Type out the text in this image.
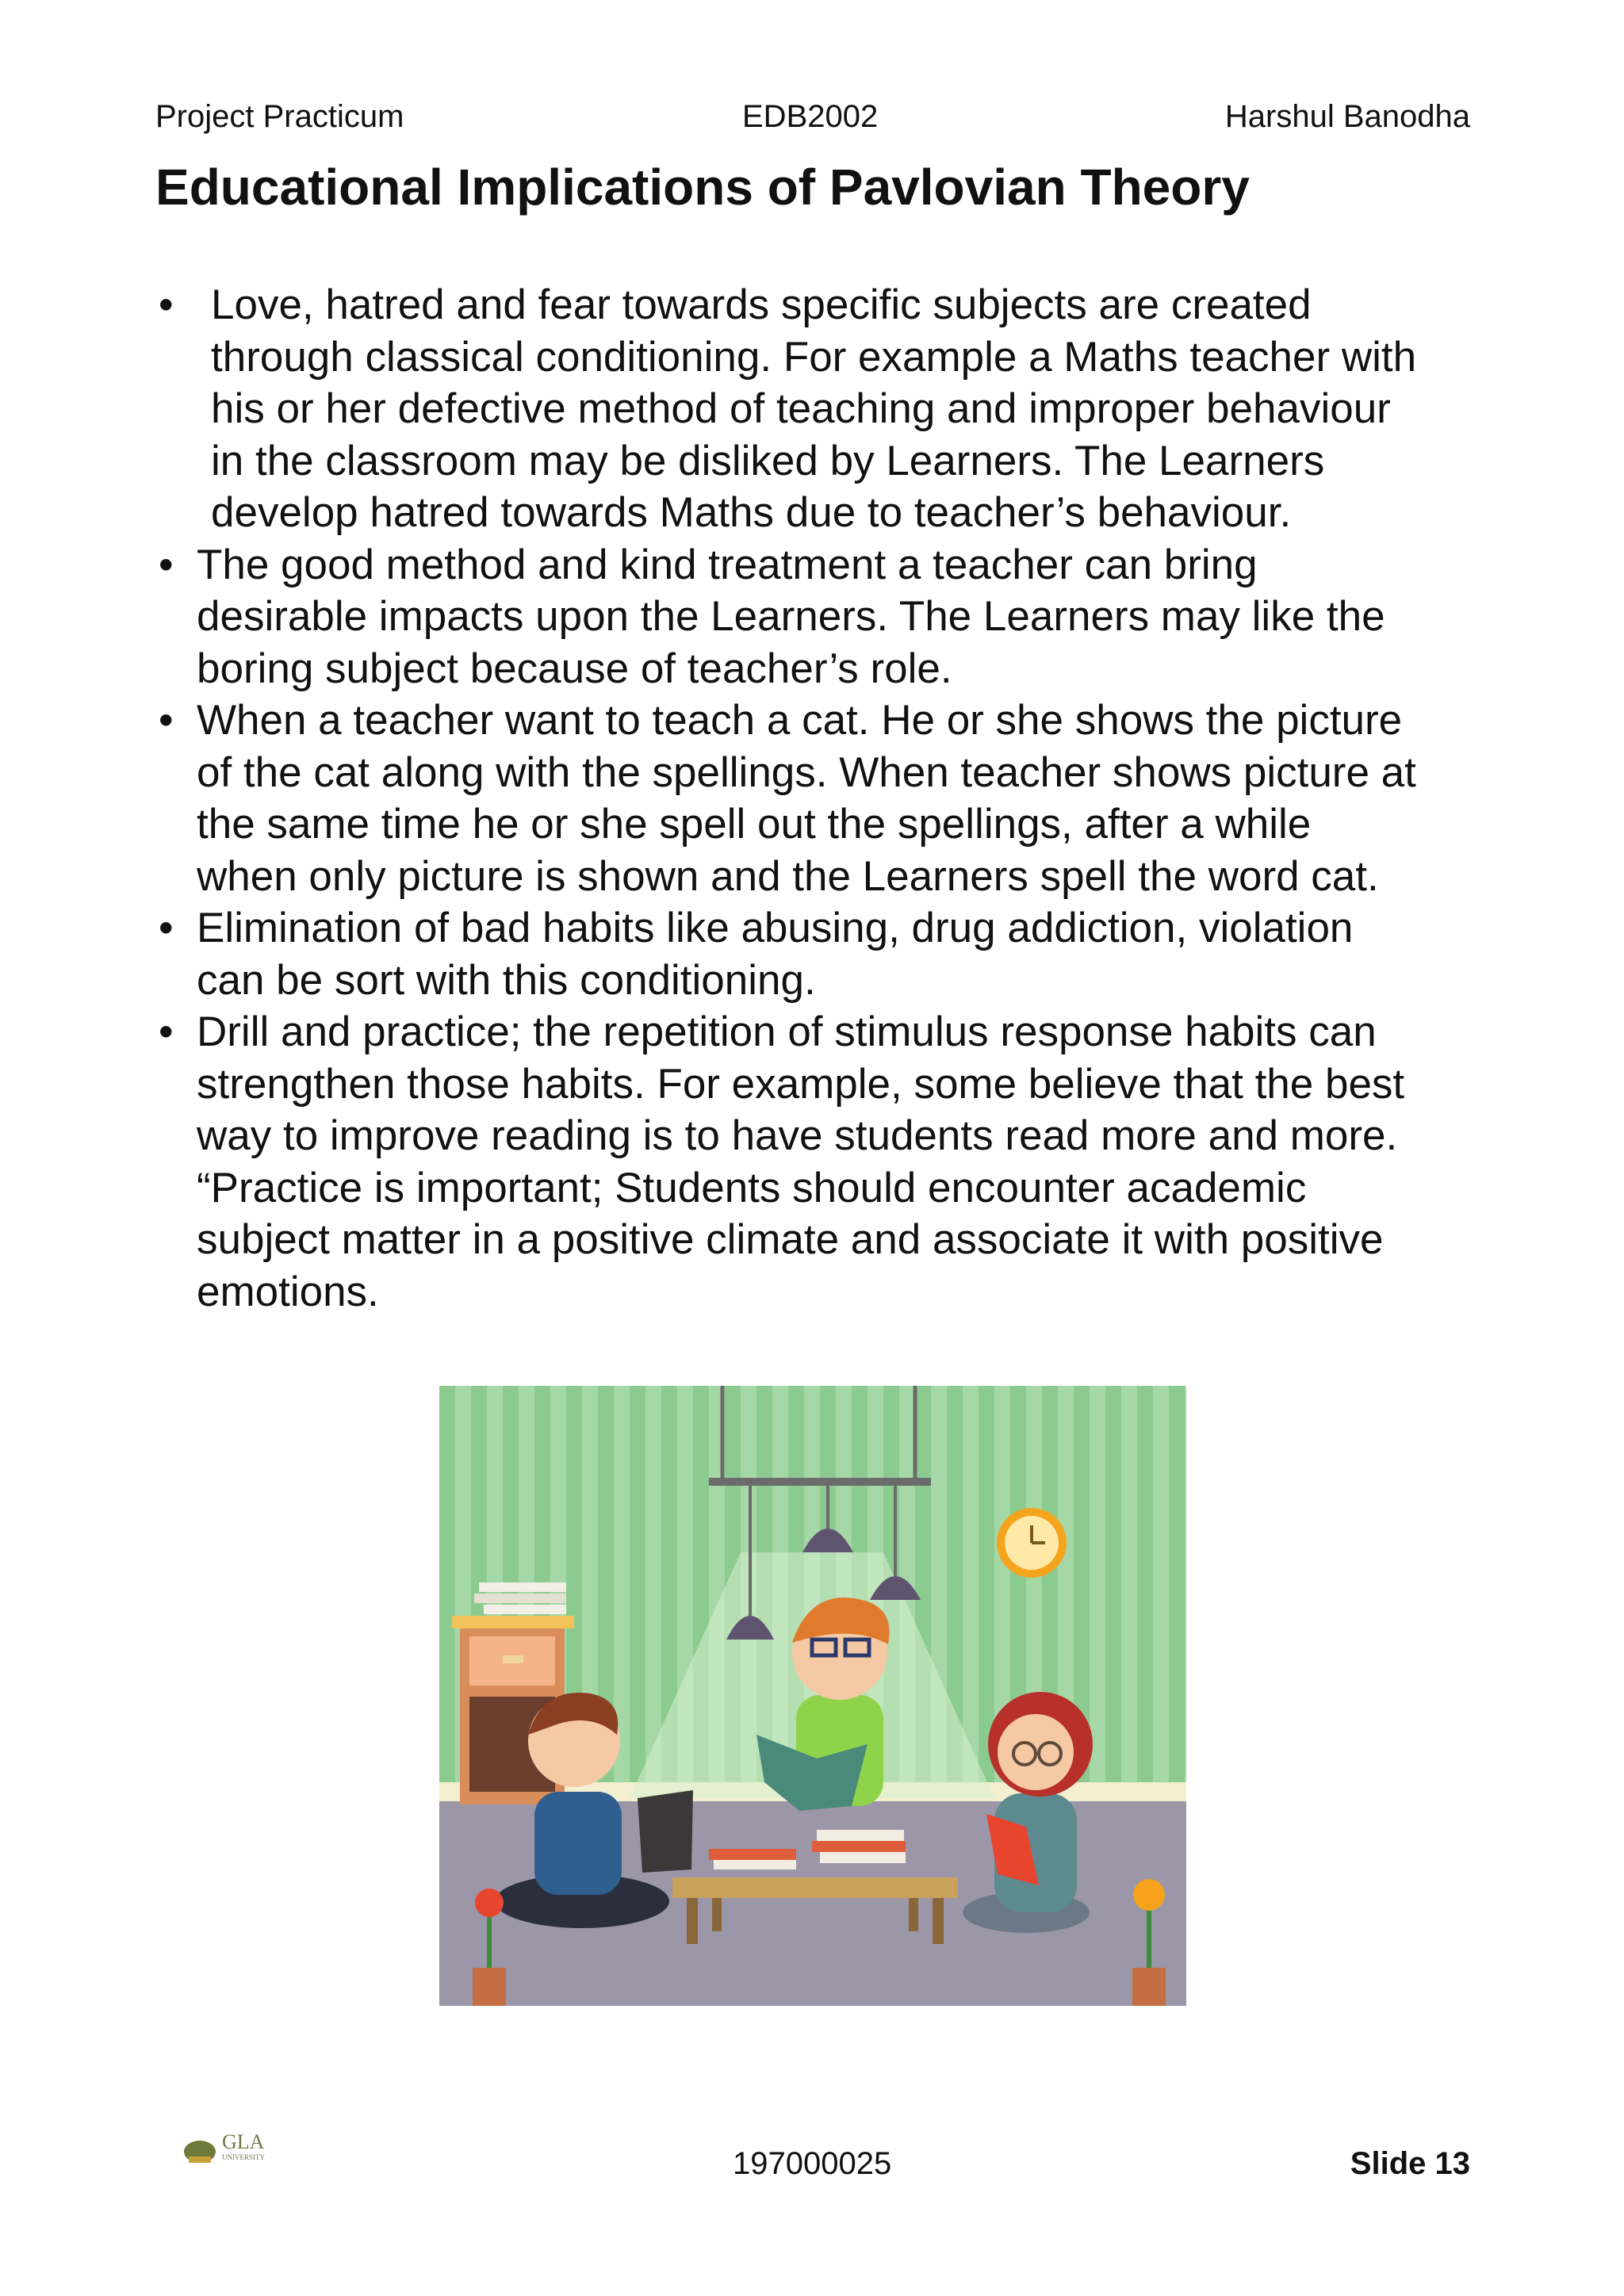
Project Practicum	EDB2002	Harshul Banodha
Educational Implications of Pavlovian Theory
• Love, hatred and fear towards specific subjects are created
through classical conditioning. For example a Maths teacher with
his or her defective method of teaching and improper behaviour
in the classroom may be disliked by Learners. The Learners
develop hatred towards Maths due to teacher’s behaviour.

• The good method and kind treatment a teacher can bring
desirable impacts upon the Learners. The Learners may like the
boring subject because of teacher’s role.

• When a teacher want to teach a cat. He or she shows the picture
of the cat along with the spellings. When teacher shows picture at
the same time he or she spell out the spellings, after a while
when only picture is shown and the Learners spell the word cat.

• Elimination of bad habits like abusing, drug addiction, violation
can be sort with this conditioning.

• Drill and practice; the repetition of stimulus response habits can
strengthen those habits. For example, some believe that the best
way to improve reading is to have students read more and more.
“Practice is important; Students should encounter academic
subject matter in a positive climate and associate it with positive
emotions.

GLA
UNIVERSITY	197000025	Slide 13
